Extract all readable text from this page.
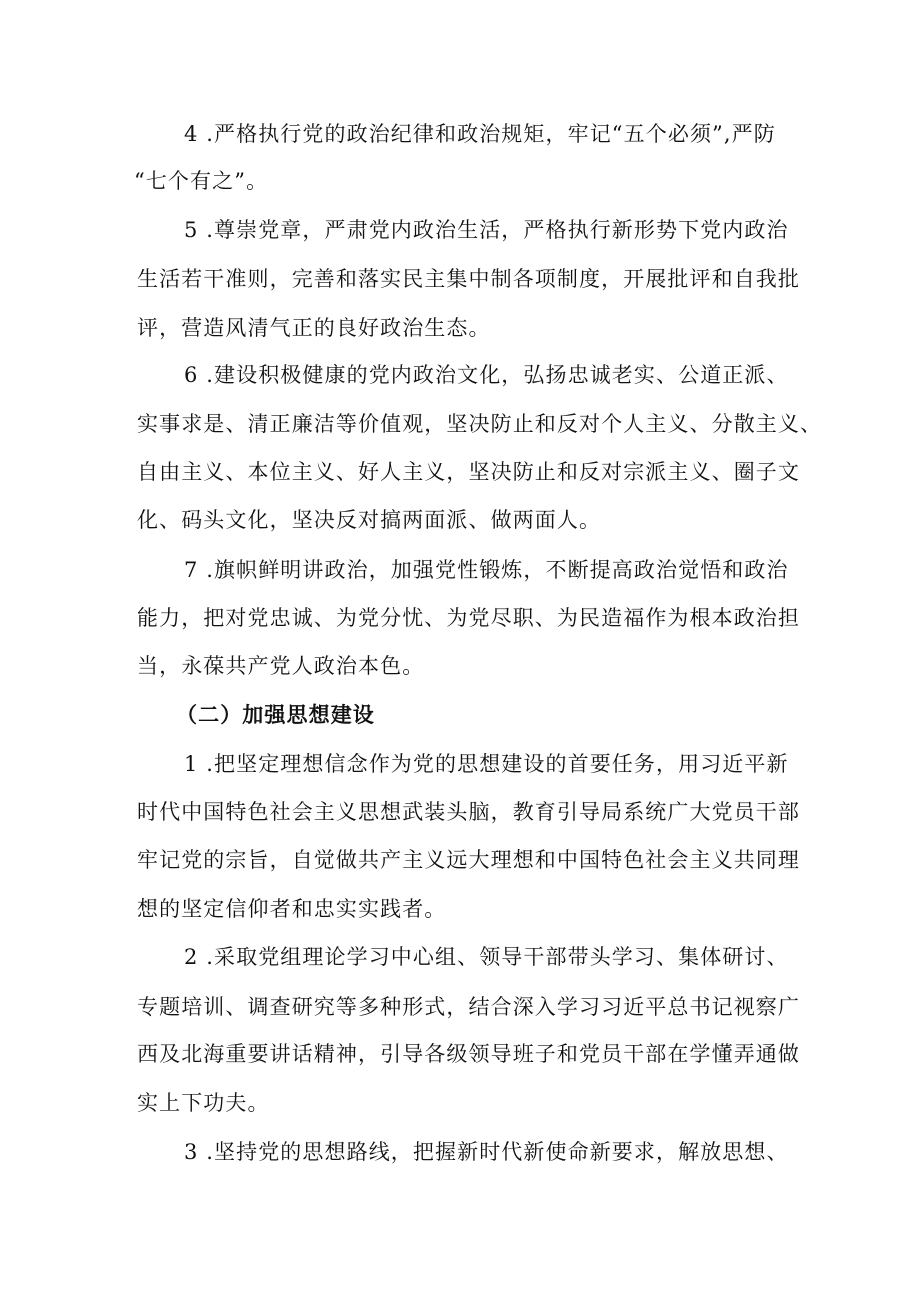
4 .严格执行党的政治纪律和政治规矩，牢记“五个必须”,严防
“七个有之”。
5 .尊崇党章，严肃党内政治生活，严格执行新形势下党内政治
生活若干准则，完善和落实民主集中制各项制度，开展批评和自我批
评，营造风清气正的良好政治生态。
6 .建设积极健康的党内政治文化，弘扬忠诚老实、公道正派、
实事求是、清正廉洁等价值观，坚决防止和反对个人主义、分散主义、
自由主义、本位主义、好人主义，坚决防止和反对宗派主义、圈子文
化、码头文化，坚决反对搞两面派、做两面人。
7 .旗帜鲜明讲政治，加强党性锻炼，不断提高政治觉悟和政治
能力，把对党忠诚、为党分忧、为党尽职、为民造福作为根本政治担
当，永葆共产党人政治本色。
（二）加强思想建设
1 .把坚定理想信念作为党的思想建设的首要任务，用习近平新
时代中国特色社会主义思想武装头脑，教育引导局系统广大党员干部
牢记党的宗旨，自觉做共产主义远大理想和中国特色社会主义共同理
想的坚定信仰者和忠实实践者。
2 .采取党组理论学习中心组、领导干部带头学习、集体研讨、
专题培训、调查研究等多种形式，结合深入学习习近平总书记视察广
西及北海重要讲话精神，引导各级领导班子和党员干部在学懂弄通做
实上下功夫。
3 .坚持党的思想路线，把握新时代新使命新要求，解放思想、
